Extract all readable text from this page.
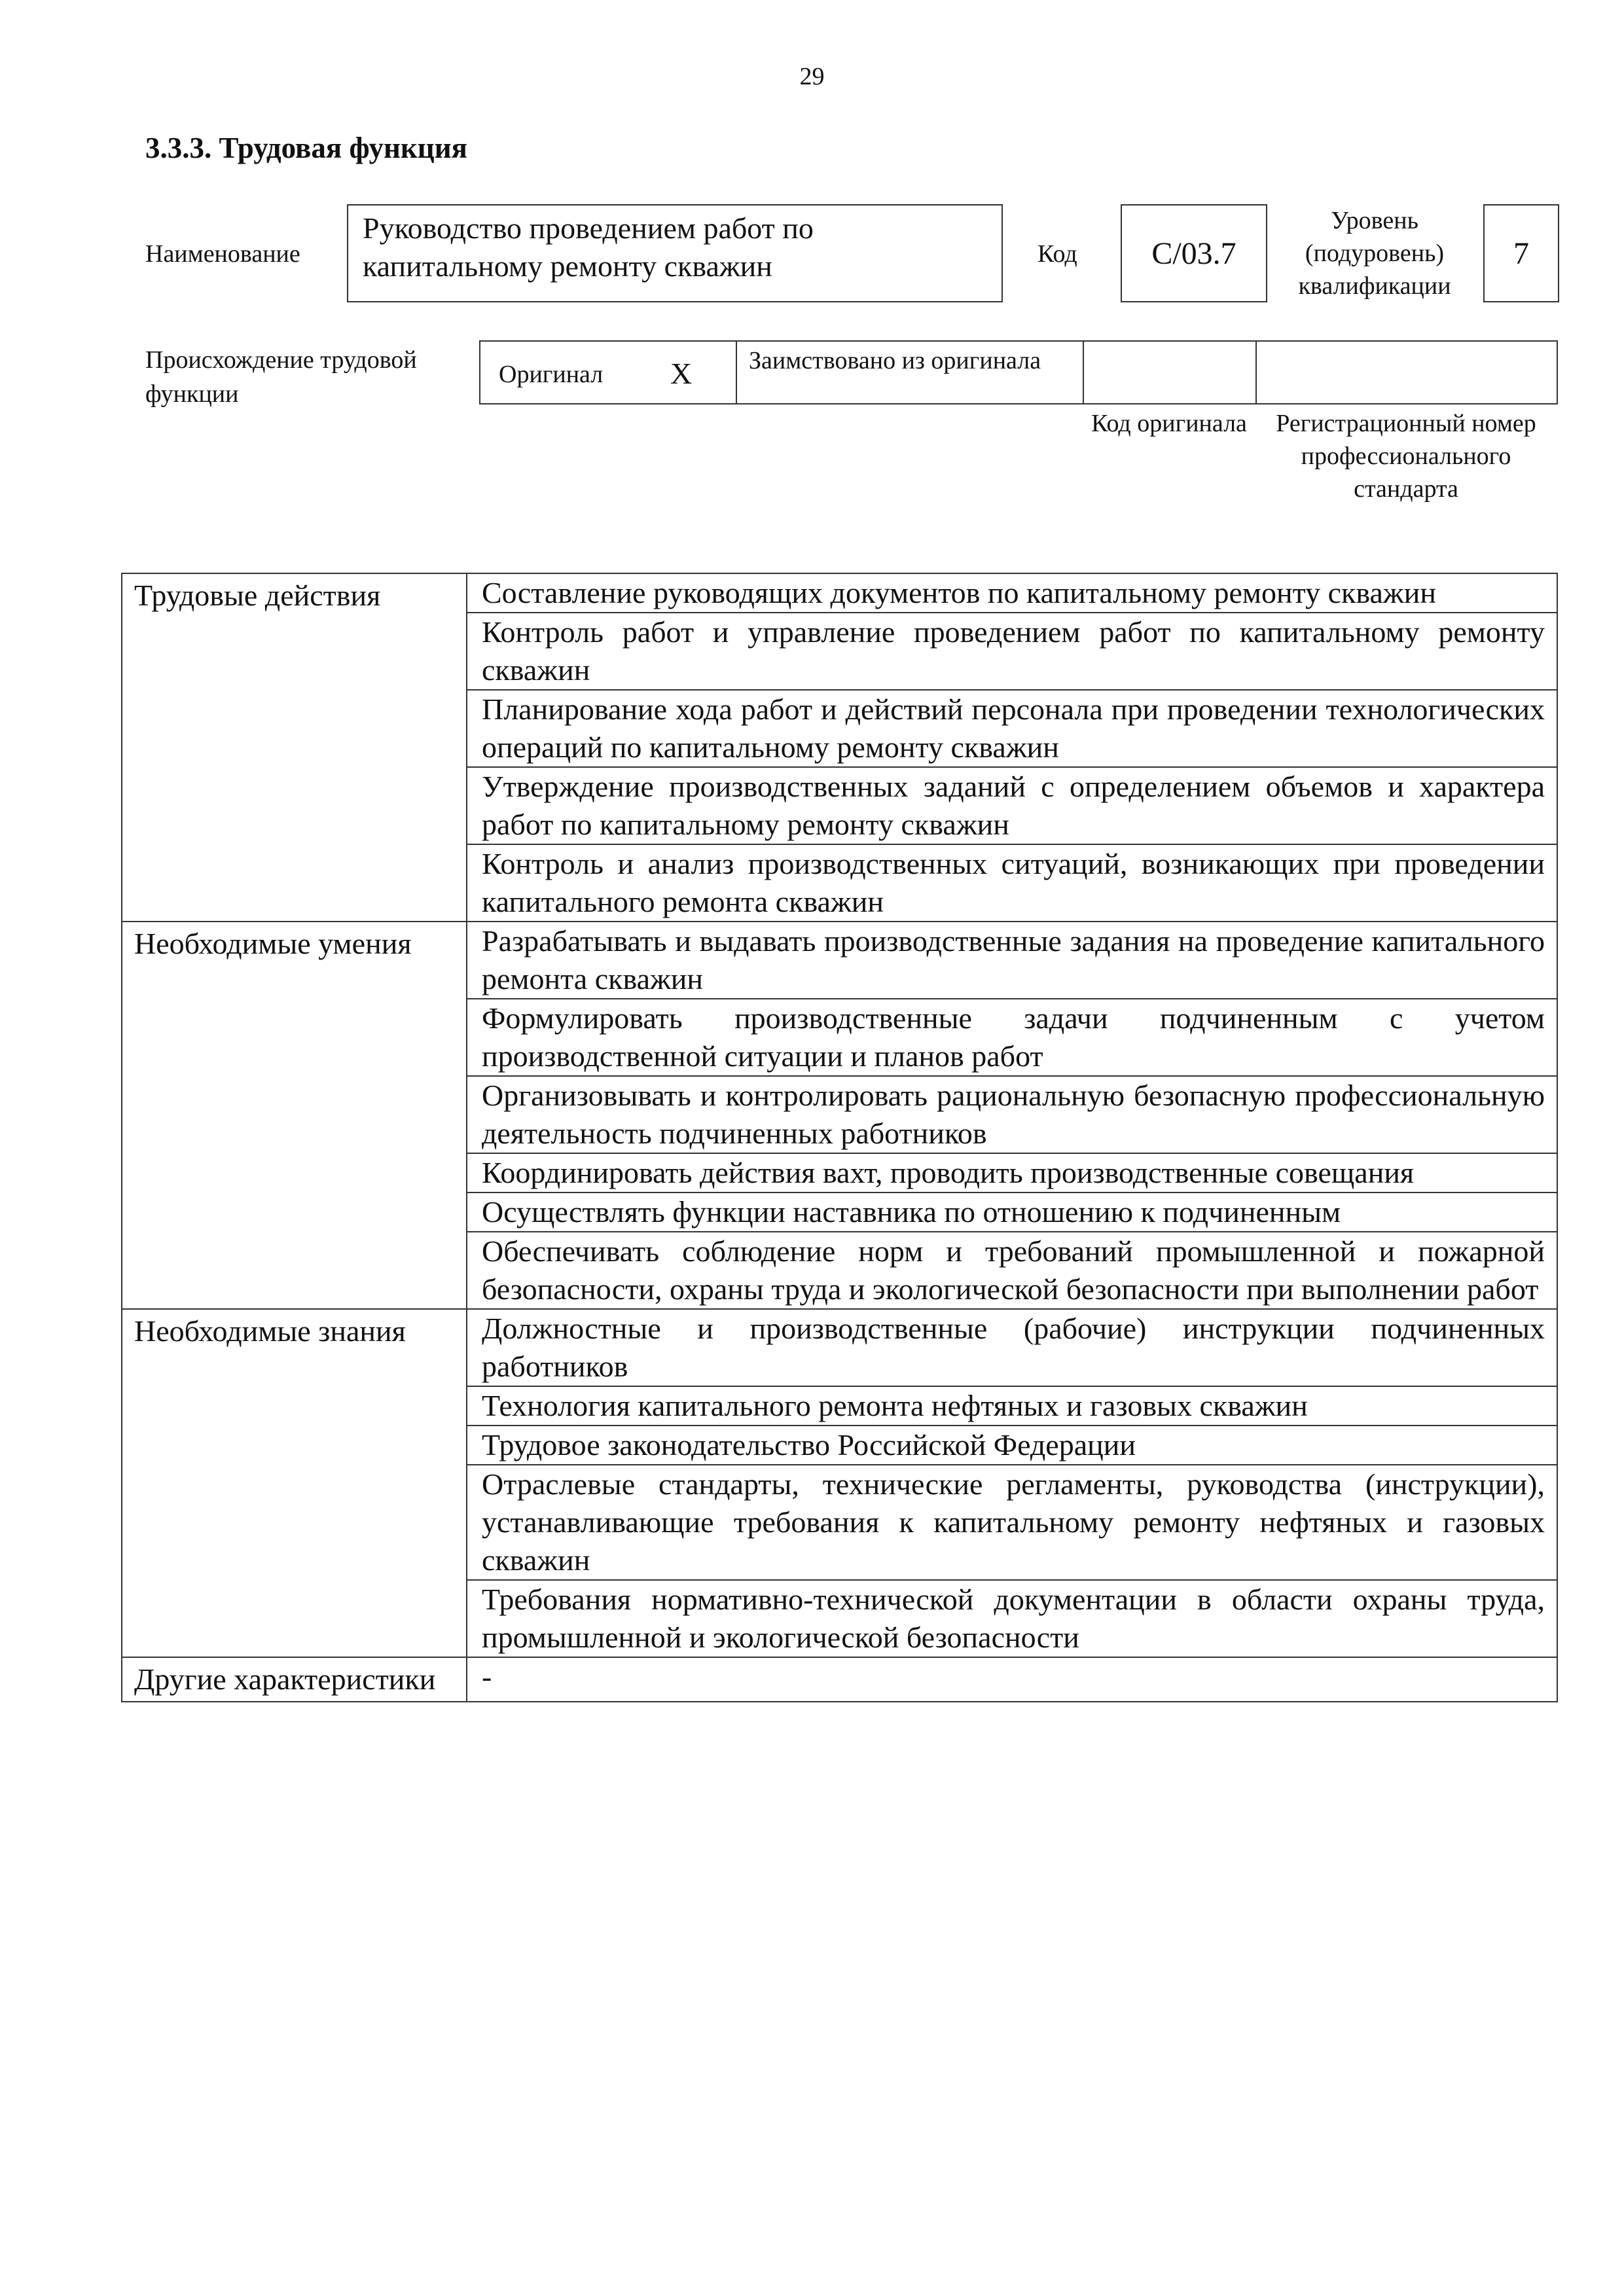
29
3.3.3. Трудовая функция
Наименование
Руководство проведением работ по капитальному ремонту скважин	Код	C/03.7
Уровень (подуровень) квалификации
7
Происхождение трудовой функции
Оригинал X Заимствовано из оригинала
Код оригинала	Регистрационный номер профессионального стандарта
Трудовые действия	Составление руководящих документов по капитальному ремонту скважин
	Контроль работ и управление проведением работ по капитальному ремонту скважин
	Планирование хода работ и действий персонала при проведении технологических операций по капитальному ремонту скважин
	Утверждение производственных заданий с определением объемов и характера работ по капитальному ремонту скважин
	Контроль и анализ производственных ситуаций, возникающих при проведении капитального ремонта скважин
Необходимые умения	Разрабатывать и выдавать производственные задания на проведение капитального ремонта скважин
	Формулировать производственные задачи подчиненным с учетом производственной ситуации и планов работ
	Организовывать и контролировать рациональную безопасную профессиональную деятельность подчиненных работников
	Координировать действия вахт, проводить производственные совещания
	Осуществлять функции наставника по отношению к подчиненным
	Обеспечивать соблюдение норм и требований промышленной и пожарной безопасности, охраны труда и экологической безопасности при выполнении работ
Необходимые знания	Должностные и производственные (рабочие) инструкции подчиненных работников
	Технология капитального ремонта нефтяных и газовых скважин
	Трудовое законодательство Российской Федерации
	Отраслевые стандарты, технические регламенты, руководства (инструкции), устанавливающие требования к капитальному ремонту нефтяных и газовых скважин
	Требования нормативно-технической документации в области охраны труда, промышленной и экологической безопасности
Другие характеристики	-
